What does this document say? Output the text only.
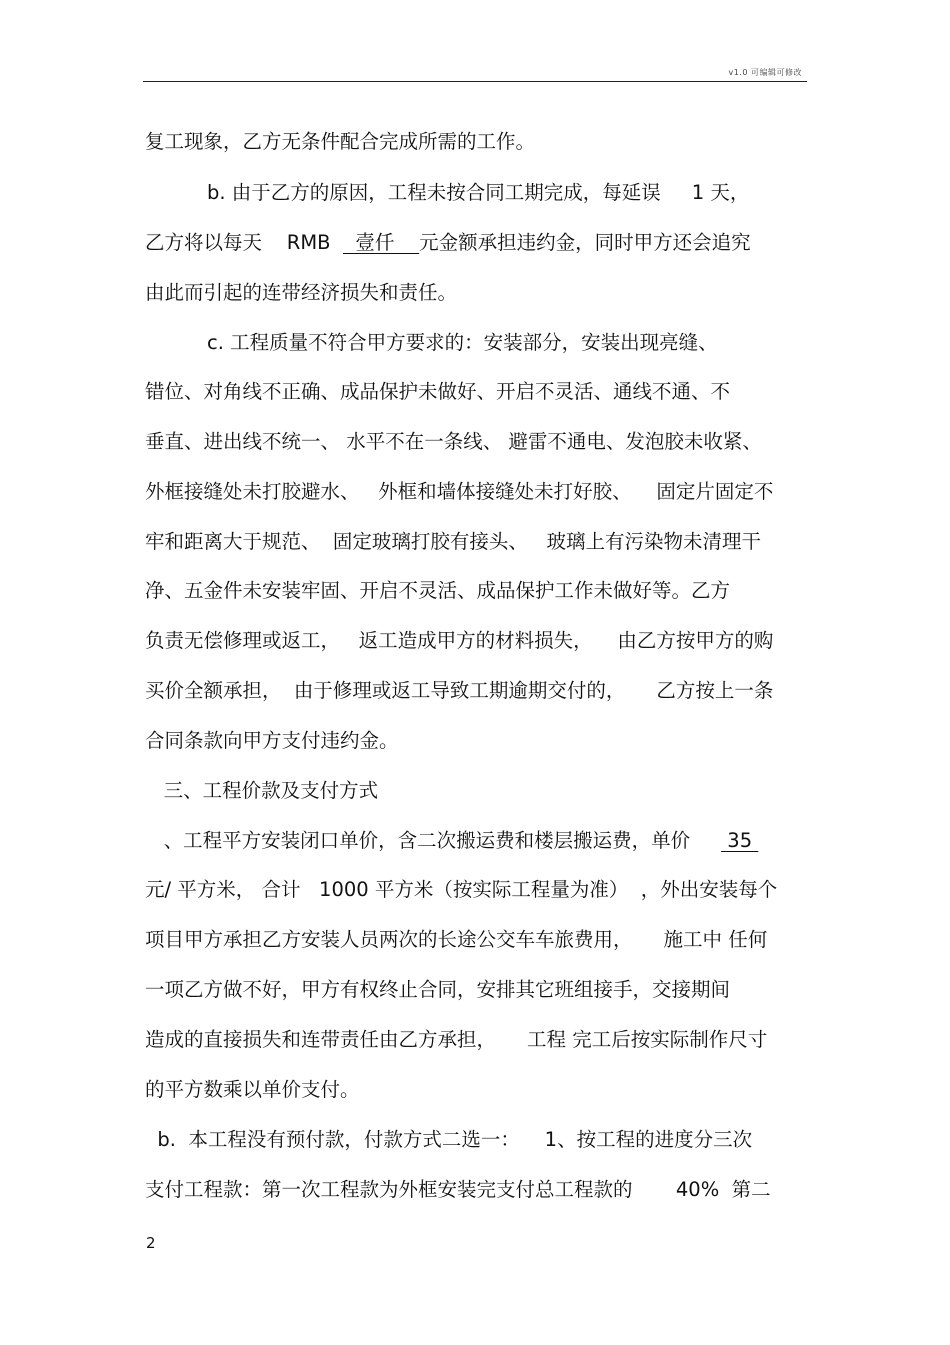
v1.0 可编辑可修改
复工现象，乙方无条件配合完成所需的工作。
b. 由于乙方的原因，工程未按合同工期完成，每延误     1 天，
乙方将以每天    RMB    壹仟    元金额承担违约金，同时甲方还会追究
由此而引起的连带经济损失和责任。
c. 工程质量不符合甲方要求的：安装部分，安装出现亮缝、
错位、对角线不正确、成品保护未做好、开启不灵活、通线不通、不
垂直、进出线不统一、 水平不在一条线、 避雷不通电、发泡胶未收紧、
外框接缝处未打胶避水、   外框和墙体接缝处未打好胶、    固定片固定不
牢和距离大于规范、  固定玻璃打胶有接头、   玻璃上有污染物未清理干
净、五金件未安装牢固、开启不灵活、成品保护工作未做好等。乙方
负责无偿修理或返工，   返工造成甲方的材料损失，    由乙方按甲方的购
买价全额承担，  由于修理或返工导致工期逾期交付的，     乙方按上一条
合同条款向甲方支付违约金。
三、工程价款及支付方式
、工程平方安装闭口单价，含二次搬运费和楼层搬运费，单价      35
元/ 平方米， 合计   1000 平方米（按实际工程量为准）  ，外出安装每个
项目甲方承担乙方安装人员两次的长途公交车车旅费用，     施工中 任何
一项乙方做不好，甲方有权终止合同，安排其它班组接手，交接期间
造成的直接损失和连带责任由乙方承担，     工程 完工后按实际制作尺寸
的平方数乘以单价支付。
b.  本工程没有预付款，付款方式二选一：    1、按工程的进度分三次
支付工程款：第一次工程款为外框安装完支付总工程款的       40%  第二
2
